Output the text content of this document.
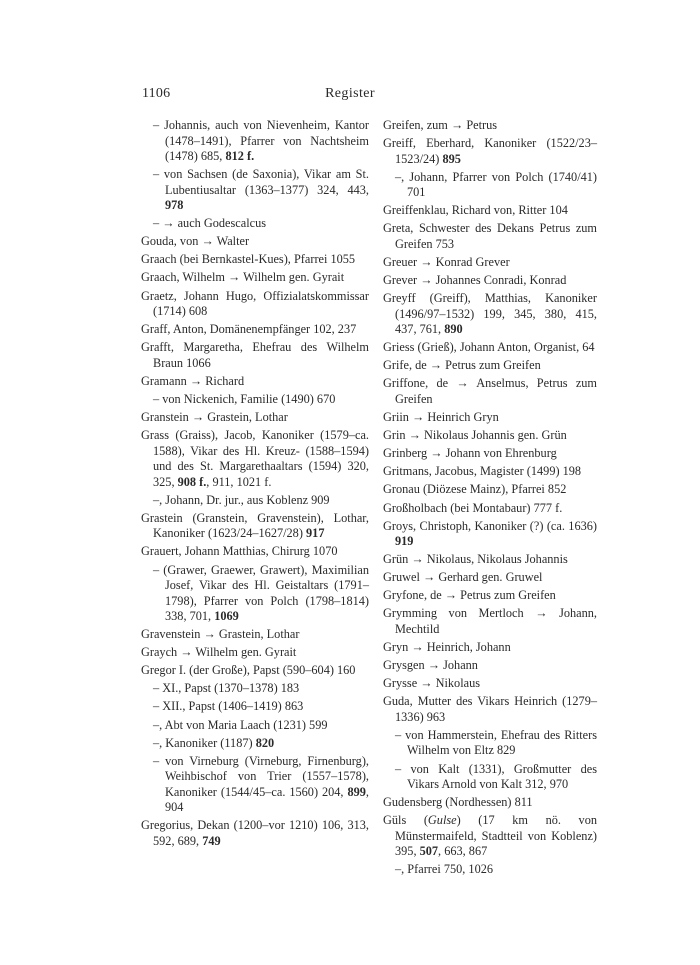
1106	Register

– Johannis, auch von Nievenheim, Kantor (1478–1491), Pfarrer von Nachtsheim (1478) 685, 812 f.

– von Sachsen (de Saxonia), Vikar am St. Lubentiusaltar (1363–1377) 324, 443, 978

– → auch Godescalcus

Gouda, von → Walter

Graach (bei Bernkastel-Kues), Pfarrei 1055

Graach, Wilhelm → Wilhelm gen. Gyrait

Graetz, Johann Hugo, Offizialatskommissar (1714) 608

Graff, Anton, Domänenempfänger 102, 237

Grafft, Margaretha, Ehefrau des Wilhelm Braun 1066

Gramann → Richard

– von Nickenich, Familie (1490) 670

Granstein → Grastein, Lothar

Grass (Graiss), Jacob, Kanoniker (1579–ca. 1588), Vikar des Hl. Kreuz- (1588–1594) und des St. Margarethaaltars (1594) 320, 325, 908 f., 911, 1021 f.

–, Johann, Dr. jur., aus Koblenz 909

Grastein (Granstein, Gravenstein), Lothar, Kanoniker (1623/24–1627/28) 917

Grauert, Johann Matthias, Chirurg 1070

– (Grawer, Graewer, Grawert), Maximilian Josef, Vikar des Hl. Geistaltars (1791–1798), Pfarrer von Polch (1798–1814) 338, 701, 1069

Gravenstein → Grastein, Lothar

Graych → Wilhelm gen. Gyrait

Gregor I. (der Große), Papst (590–604) 160

– XI., Papst (1370–1378) 183

– XII., Papst (1406–1419) 863

–, Abt von Maria Laach (1231) 599

–, Kanoniker (1187) 820

– von Virneburg (Virneburg, Firnenburg), Weihbischof von Trier (1557–1578), Kanoniker (1544/45–ca. 1560) 204, 899, 904

Gregorius, Dekan (1200–vor 1210) 106, 313, 592, 689, 749

Greifen, zum → Petrus

Greiff, Eberhard, Kanoniker (1522/23–1523/24) 895

–, Johann, Pfarrer von Polch (1740/41) 701

Greiffenklau, Richard von, Ritter 104

Greta, Schwester des Dekans Petrus zum Greifen 753

Greuer → Konrad Grever

Grever → Johannes Conradi, Konrad

Greyff (Greiff), Matthias, Kanoniker (1496/97–1532) 199, 345, 380, 415, 437, 761, 890

Griess (Grieß), Johann Anton, Organist, 64

Grife, de → Petrus zum Greifen

Griffone, de → Anselmus, Petrus zum Greifen

Griin → Heinrich Gryn

Grin → Nikolaus Johannis gen. Grün

Grinberg → Johann von Ehrenburg

Gritmans, Jacobus, Magister (1499) 198

Gronau (Diözese Mainz), Pfarrei 852

Großholbach (bei Montabaur) 777 f.

Groys, Christoph, Kanoniker (?) (ca. 1636) 919

Grün → Nikolaus, Nikolaus Johannis

Gruwel → Gerhard gen. Gruwel

Gryfone, de → Petrus zum Greifen

Grymming von Mertloch → Johann, Mechtild

Gryn → Heinrich, Johann

Grysgen → Johann

Grysse → Nikolaus

Guda, Mutter des Vikars Heinrich (1279–1336) 963

– von Hammerstein, Ehefrau des Ritters Wilhelm von Eltz 829

– von Kalt (1331), Großmutter des Vikars Arnold von Kalt 312, 970

Gudensberg (Nordhessen) 811

Güls (Gulse) (17 km nö. von Münstermaifeld, Stadtteil von Koblenz) 395, 507, 663, 867

–, Pfarrei 750, 1026
